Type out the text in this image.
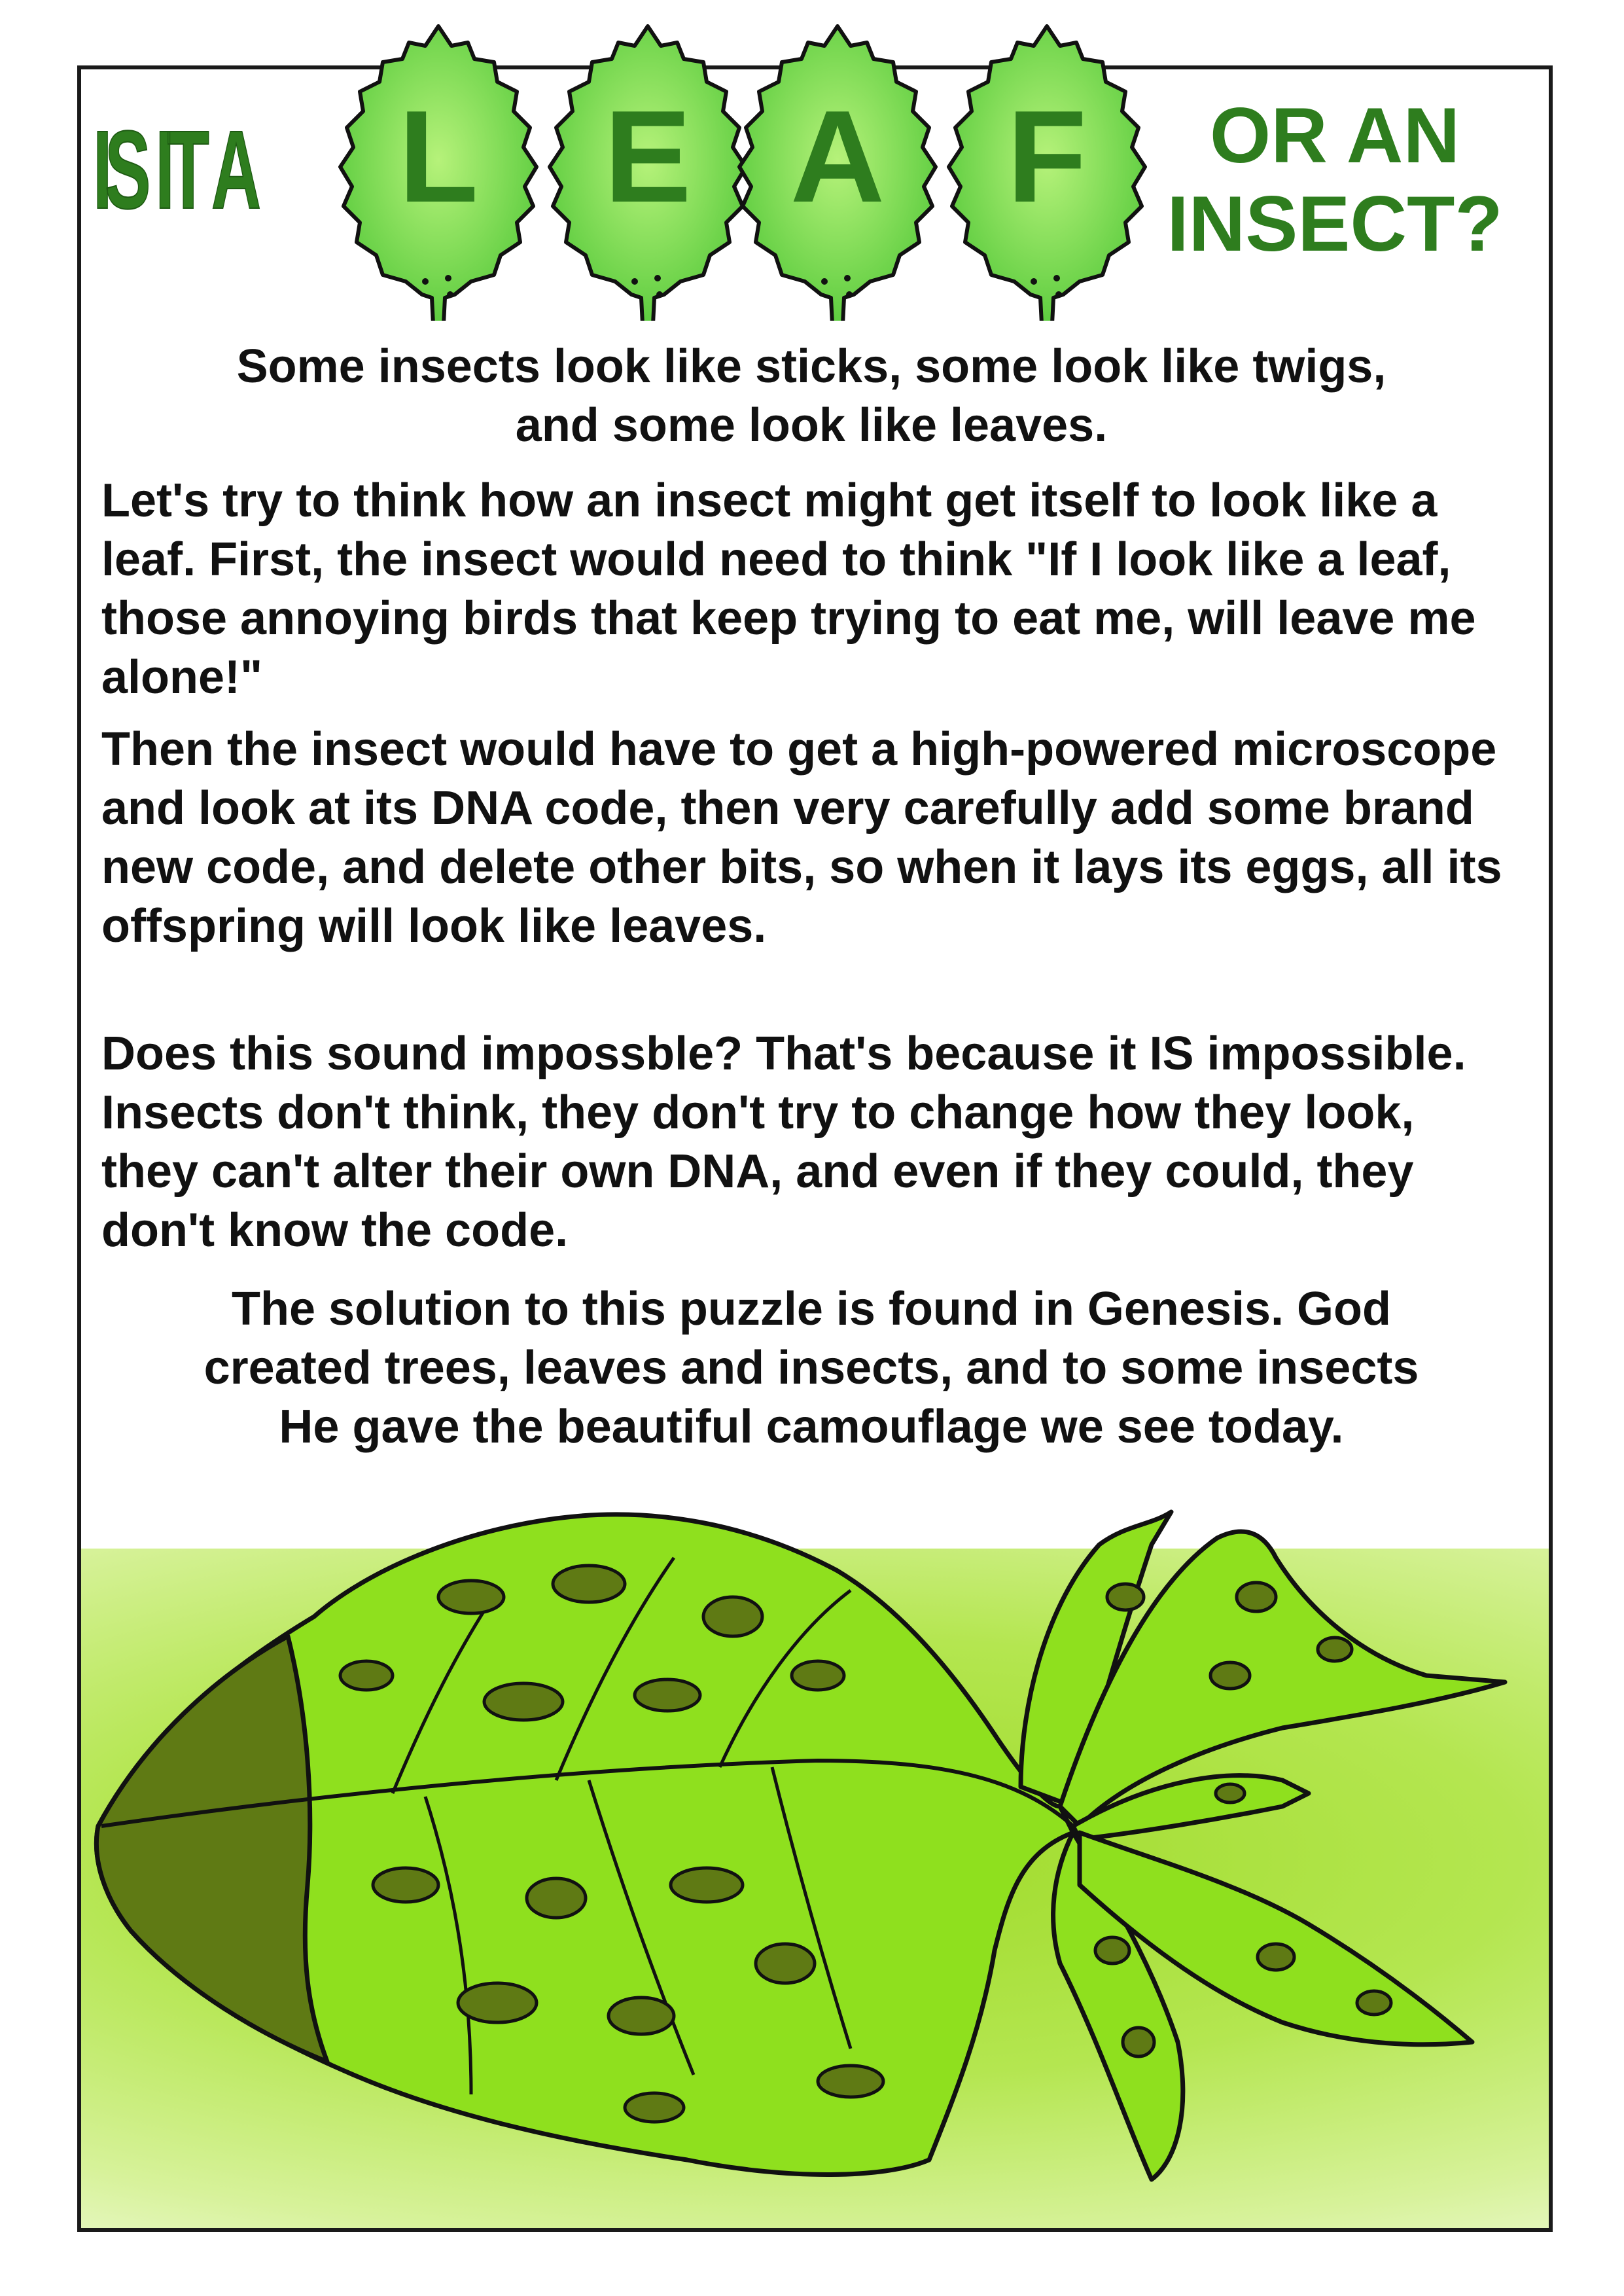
IS IT A	L E A F	OR AN
INSECT?
Some insects look like sticks, some look like twigs,
and some look like leaves.

Let's try to think how an insect might get itself to look like a leaf. First, the insect would need to think "If I look like a leaf, those annoying birds that keep trying to eat me, will leave me alone!"

Then the insect would have to get a high-powered microscope and look at its DNA code, then very carefully add some brand new code, and delete other bits, so when it lays its eggs, all its offspring will look like leaves.

Does this sound impossble? That's because it IS impossible. Insects don't think, they don't try to change how they look, they can't alter their own DNA, and even if they could, they don't know the code.

The solution to this puzzle is found in Genesis. God
created trees, leaves and insects, and to some insects
He gave the beautiful camouflage we see today.
